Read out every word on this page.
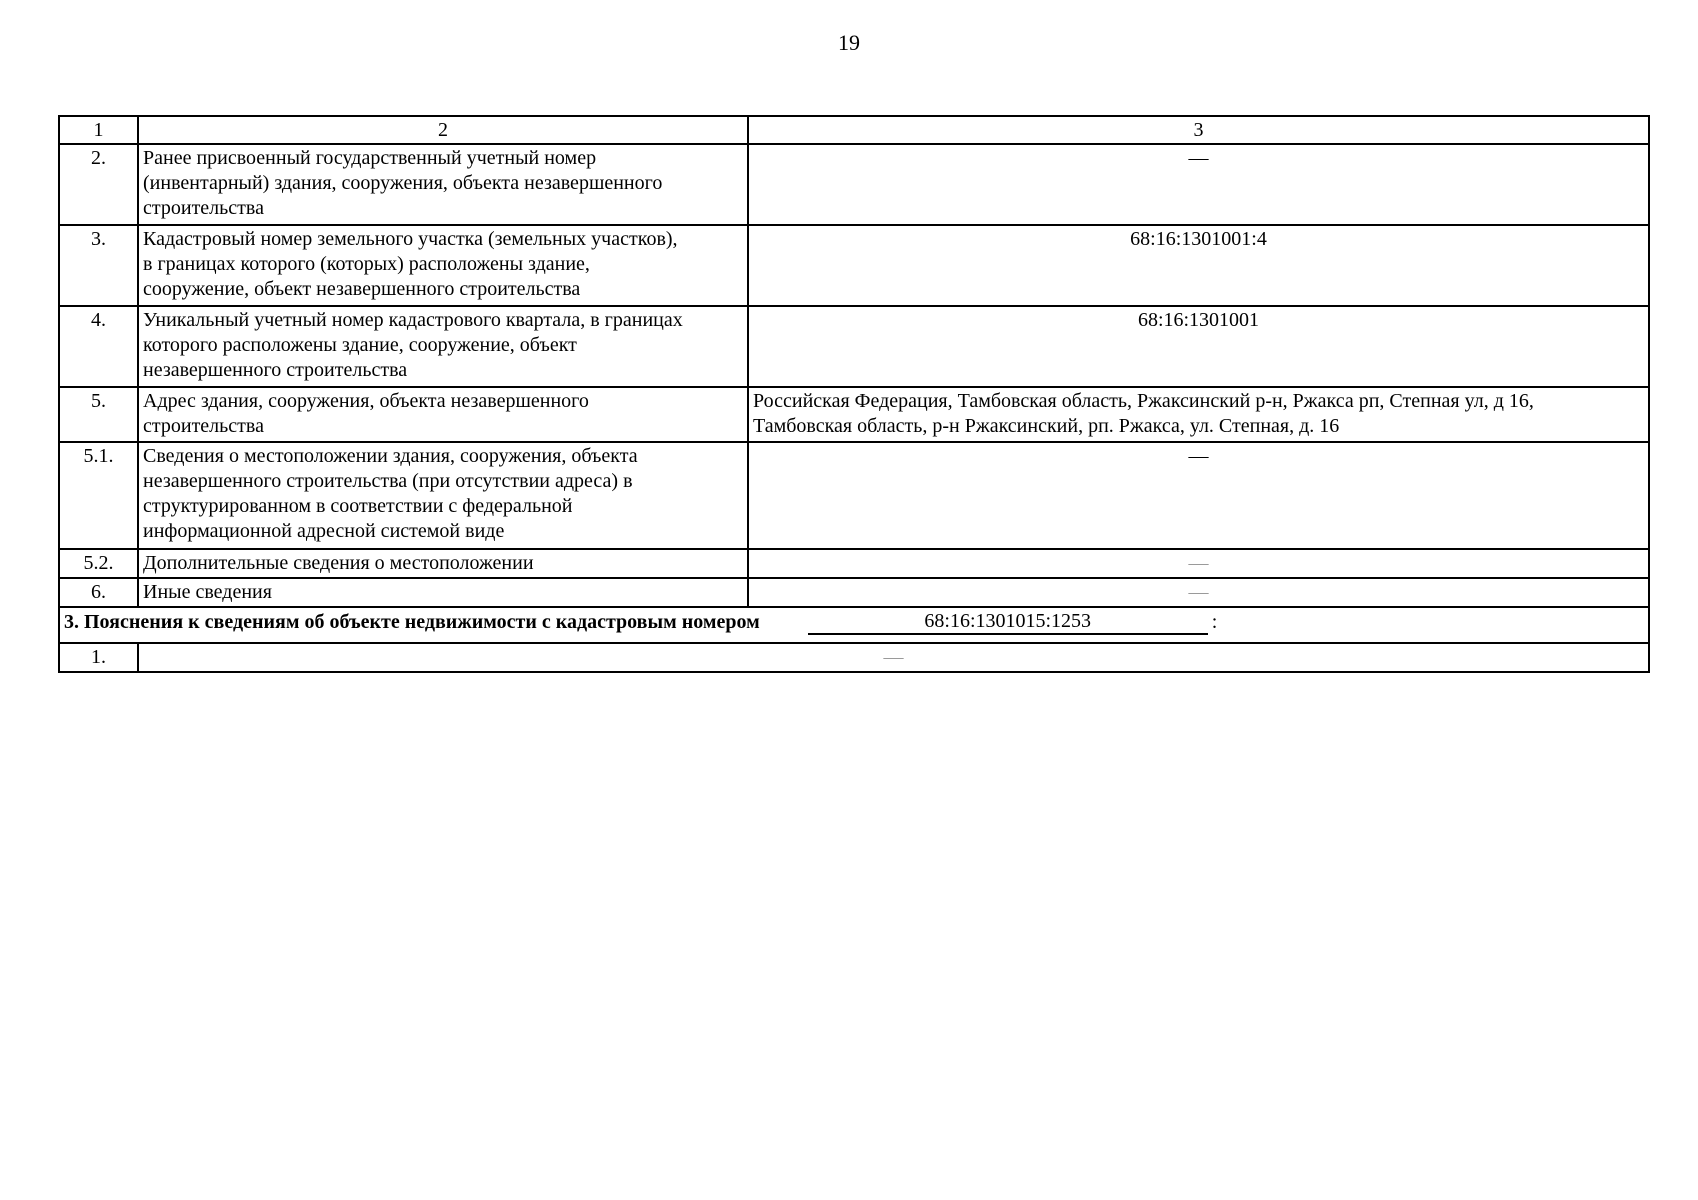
19
1	2	3
2.	Ранее присвоенный государственный учетный номер
(инвентарный) здания, сооружения, объекта незавершенного
строительства	—
3.	Кадастровый номер земельного участка (земельных участков),
в границах которого (которых) расположены здание,
сооружение, объект незавершенного строительства	68:16:1301001:4
4.	Уникальный учетный номер кадастрового квартала, в границах
которого расположены здание, сооружение, объект
незавершенного строительства	68:16:1301001
5.	Адрес здания, сооружения, объекта незавершенного
строительства	Российская Федерация, Тамбовская область, Ржаксинский р-н, Ржакса рп, Степная ул, д 16,
Тамбовская область, р-н Ржаксинский, рп. Ржакса, ул. Степная, д. 16

5.1.	Сведения о местоположении здания, сооружения, объекта
незавершенного строительства (при отсутствии адреса) в
структурированном в соответствии с федеральной
информационной адресной системой виде	—
5.2.	Дополнительные сведения о местоположении	—
6.	Иные сведения	—

3. Пояснения к сведениям об объекте недвижимости с кадастровым номером 68:16:1301015:1253 :		

1.	—	
